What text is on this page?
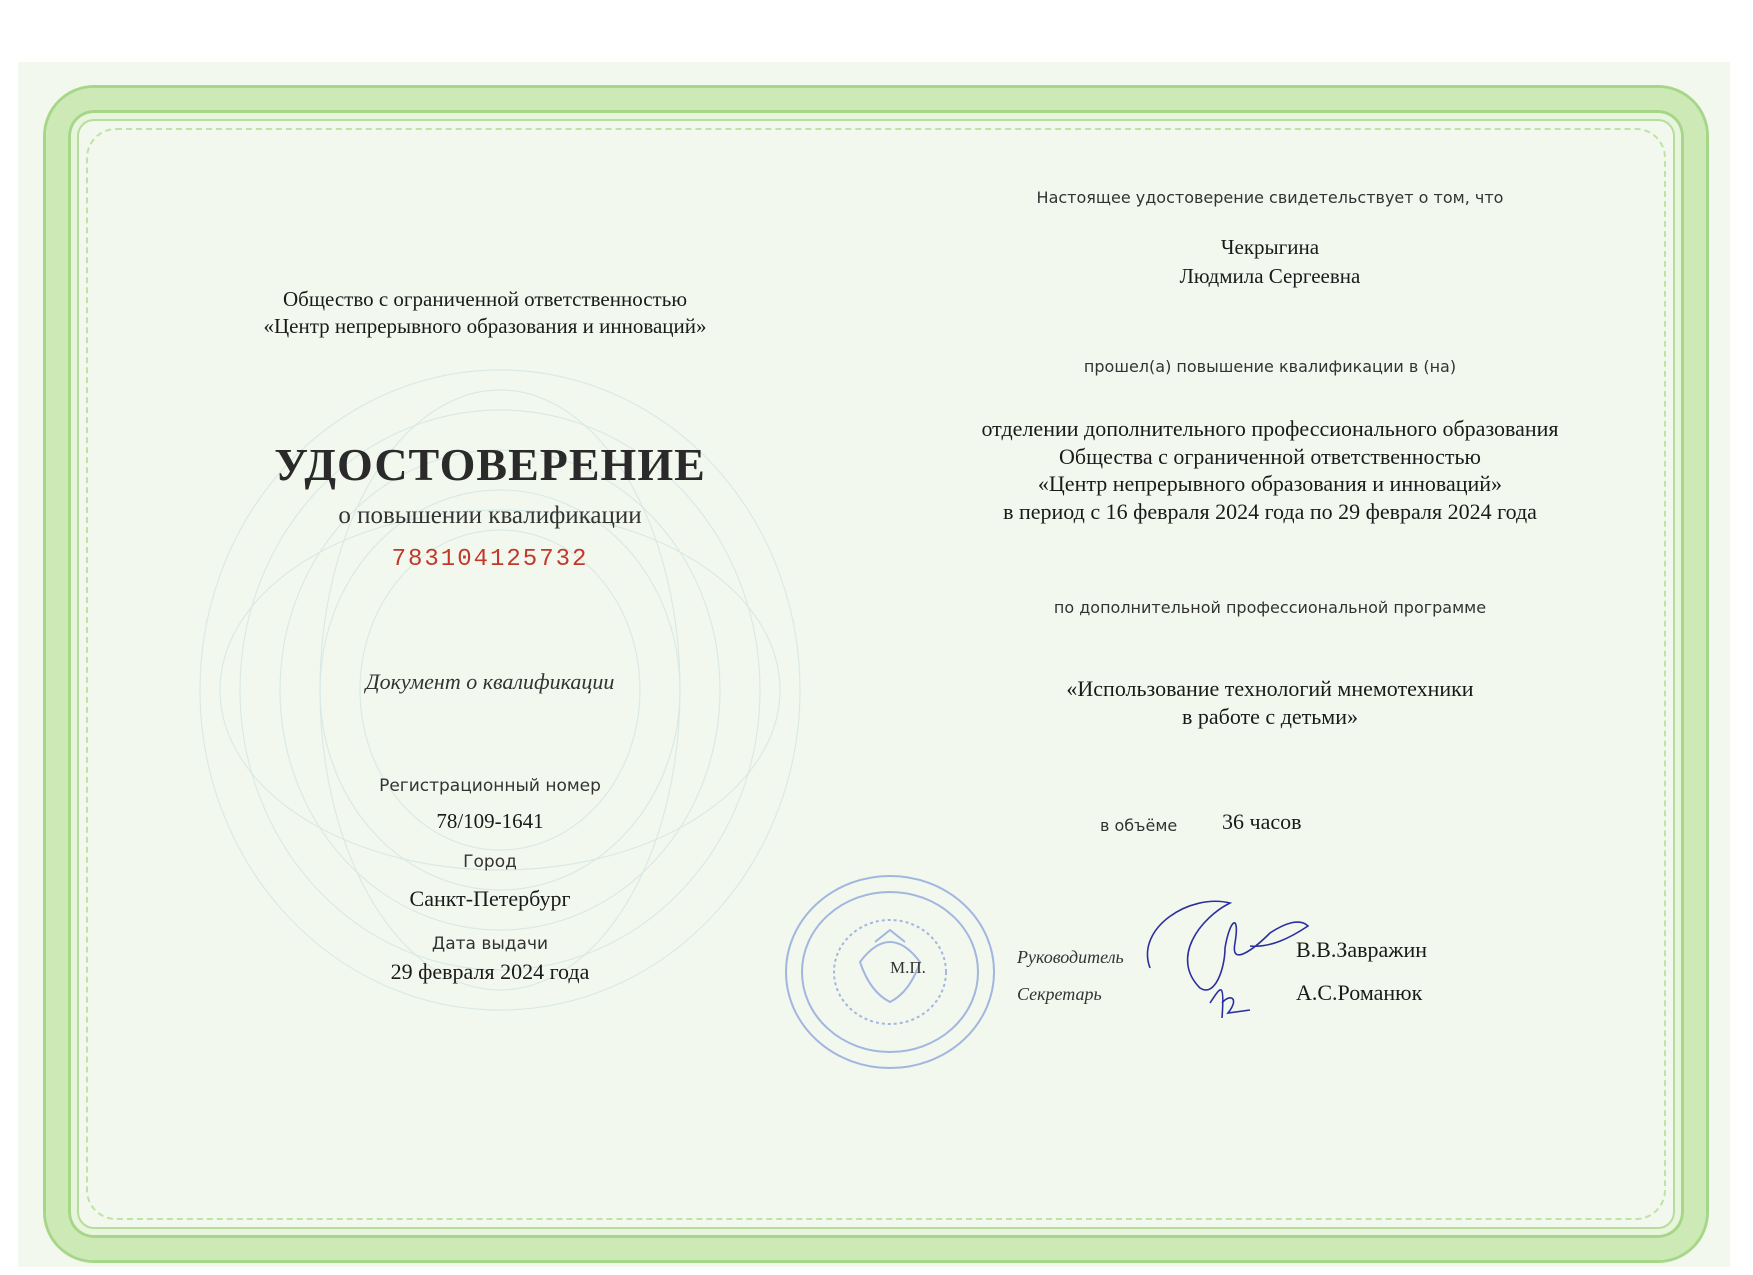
Общество с ограниченной ответственностью
«Центр непрерывного образования и инноваций»
УДОСТОВЕРЕНИЕ
о повышении квалификации
783104125732
Документ о квалификации
Регистрационный номер
78/109-1641
Город
Санкт-Петербург
Дата выдачи
29 февраля 2024 года
Настоящее удостоверение свидетельствует о том, что
Чекрыгина
Людмила Сергеевна
прошел(а) повышение квалификации в (на)
отделении дополнительного профессионального образования
Общества с ограниченной ответственностью
«Центр непрерывного образования и инноваций»
в период с 16 февраля 2024 года по 29 февраля 2024 года
по дополнительной профессиональной программе
«Использование технологий мнемотехники
в работе с детьми»
в объёме 36 часов
М.П.
Руководитель
Секретарь
В.В.Завражин
А.С.Романюк
